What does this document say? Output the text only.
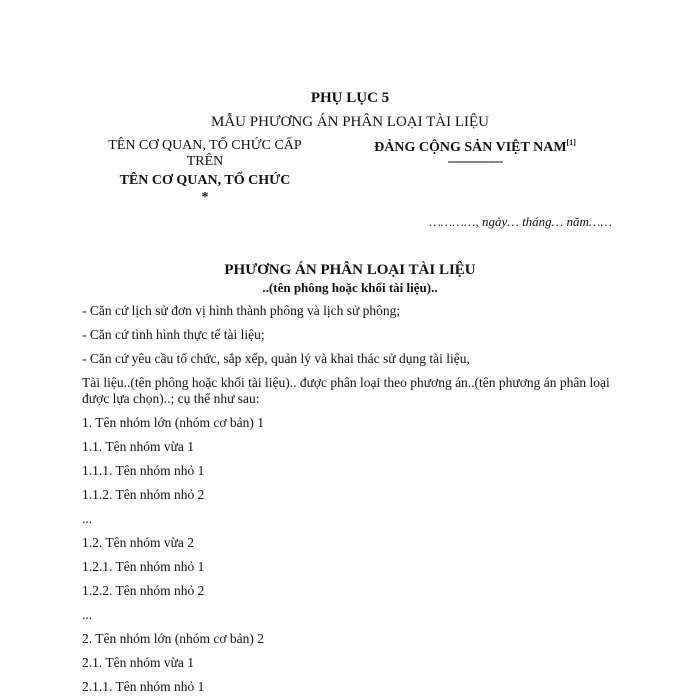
PHỤ LỤC 5
MẪU PHƯƠNG ÁN PHÂN LOẠI TÀI LIỆU
TÊN CƠ QUAN, TỔ CHỨC CẤP
TRÊN
TÊN CƠ QUAN, TỔ CHỨC
*
ĐẢNG CỘNG SẢN VIỆT NAM[1]
---------------
…………, ngày… tháng… năm……
PHƯƠNG ÁN PHÂN LOẠI TÀI LIỆU
..(tên phông hoặc khối tài liệu)..
- Căn cứ lịch sử đơn vị hình thành phông và lịch sử phông;
- Căn cứ tình hình thực tế tài liệu;
- Căn cứ yêu cầu tổ chức, sắp xếp, quản lý và khai thác sử dụng tài liệu,
Tài liệu..(tên phông hoặc khối tài liệu).. được phân loại theo phương án..(tên phương án phân loại được lựa chọn)..; cụ thể như sau:
1. Tên nhóm lớn (nhóm cơ bản) 1
1.1. Tên nhóm vừa 1
1.1.1. Tên nhóm nhỏ 1
1.1.2. Tên nhóm nhỏ 2
...
1.2. Tên nhóm vừa 2
1.2.1. Tên nhóm nhỏ 1
1.2.2. Tên nhóm nhỏ 2
...
2. Tên nhóm lớn (nhóm cơ bản) 2
2.1. Tên nhóm vừa 1
2.1.1. Tên nhóm nhỏ 1
